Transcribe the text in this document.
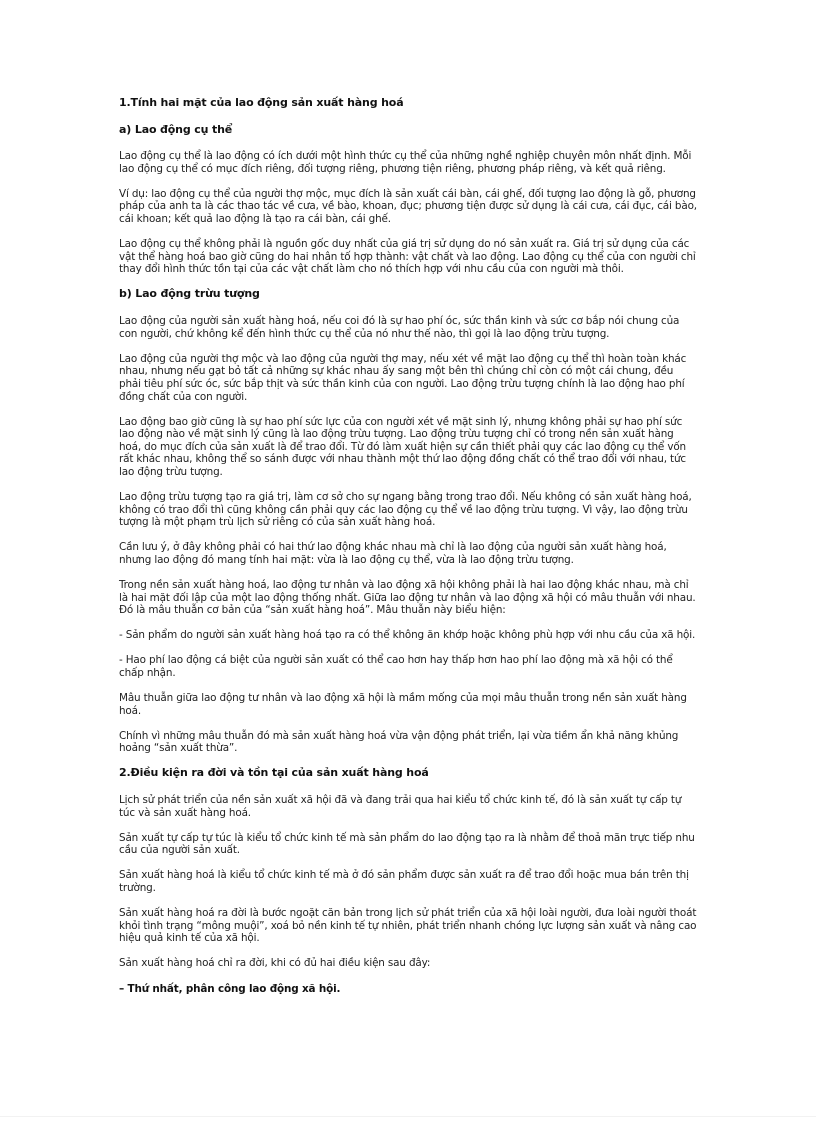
1.Tính hai mặt của lao động sản xuất hàng hoá
a) Lao động cụ thể
Lao động cụ thể là lao động có ích dưới một hình thức cụ thể của những nghề nghiệp chuyên môn nhất định. Mỗi lao động cụ thể có mục đích riêng, đối tượng riêng, phương tiện riêng, phương pháp riêng, và kết quả riêng.
Ví dụ: lao động cụ thể của người thợ mộc, mục đích là sản xuất cái bàn, cái ghế, đối tượng lao động là gỗ, phương pháp của anh ta là các thao tác về cưa, về bào, khoan, đục; phương tiện được sử dụng là cái cưa, cái đục, cái bào, cái khoan; kết quả lao động là tạo ra cái bàn, cái ghế.
Lao động cụ thể không phải là nguồn gốc duy nhất của giá trị sử dụng do nó sản xuất ra. Giá trị sử dụng của các vật thể hàng hoá bao giờ cũng do hai nhân tố hợp thành: vật chất và lao động. Lao động cụ thể của con người chỉ thay đổi hình thức tồn tại của các vật chất làm cho nó thích hợp với nhu cầu của con người mà thôi.
b) Lao động trừu tượng
Lao động của người sản xuất hàng hoá, nếu coi đó là sự hao phí óc, sức thần kinh và sức cơ bắp nói chung của con người, chứ không kể đến hình thức cụ thể của nó như thế nào, thì gọi là lao động trừu tượng.
Lao động của người thợ mộc và lao động của người thợ may, nếu xét về mặt lao động cụ thể thì hoàn toàn khác nhau, nhưng nếu gạt bỏ tất cả những sự khác nhau ấy sang một bên thì chúng chỉ còn có một cái chung, đều phải tiêu phí sức óc, sức bắp thịt và sức thần kinh của con người. Lao động trừu tượng chính là lao động hao phí đồng chất của con người.
Lao động bao giờ cũng là sự hao phí sức lực của con người xét về mặt sinh lý, nhưng không phải sự hao phí sức lao động nào về mặt sinh lý cũng là lao động trừu tượng. Lao động trừu tượng chỉ có trong nền sản xuất hàng hoá, do mục đích của sản xuất là để trao đổi. Từ đó làm xuất hiện sự cần thiết phải quy các lao động cụ thể vốn rất khác nhau, không thể so sánh được với nhau thành một thứ lao động đồng chất có thể trao đổi với nhau, tức lao động trừu tượng.
Lao động trừu tượng tạo ra giá trị, làm cơ sở cho sự ngang bằng trong trao đổi. Nếu không có sản xuất hàng hoá, không có trao đổi thì cũng không cần phải quy các lao động cụ thể về lao động trừu tượng. Vì vậy, lao động trừu tượng là một phạm trù lịch sử riêng có của sản xuất hàng hoá.
Cần lưu ý, ở đây không phải có hai thứ lao động khác nhau mà chỉ là lao động của người sản xuất hàng hoá, nhưng lao động đó mang tính hai mặt: vừa là lao động cụ thể, vừa là lao động trừu tượng.
Trong nền sản xuất hàng hoá, lao động tư nhân và lao động xã hội không phải là hai lao động khác nhau, mà chỉ là hai mặt đối lập của một lao động thống nhất. Giữa lao động tư nhân và lao động xã hội có mâu thuẫn với nhau. Đó là mâu thuẫn cơ bản của “sản xuất hàng hoá”. Mâu thuẫn này biểu hiện:
- Sản phẩm do người sản xuất hàng hoá tạo ra có thể không ăn khớp hoặc không phù hợp với nhu cầu của xã hội.
- Hao phí lao động cá biệt của người sản xuất có thể cao hơn hay thấp hơn hao phí lao động mà xã hội có thể chấp nhận.
Mâu thuẫn giữa lao động tư nhân và lao động xã hội là mầm mống của mọi mâu thuẫn trong nền sản xuất hàng hoá.
Chính vì những mâu thuẫn đó mà sản xuất hàng hoá vừa vận động phát triển, lại vừa tiềm ẩn khả năng khủng hoảng “sản xuất thừa”.
2.Điều kiện ra đời và tồn tại của sản xuất hàng hoá
Lịch sử phát triển của nền sản xuất xã hội đã và đang trải qua hai kiểu tổ chức kinh tế, đó là sản xuất tự cấp tự túc và sản xuất hàng hoá.
Sản xuất tự cấp tự túc là kiểu tổ chức kinh tế mà sản phẩm do lao động tạo ra là nhằm để thoả mãn trực tiếp nhu cầu của người sản xuất.
Sản xuất hàng hoá là kiểu tổ chức kinh tế mà ở đó sản phẩm được sản xuất ra để trao đổi hoặc mua bán trên thị trường.
Sản xuất hàng hoá ra đời là bước ngoặt căn bản trong lịch sử phát triển của xã hội loài người, đưa loài người thoát khỏi tình trạng “mông muội”, xoá bỏ nền kinh tế tự nhiên, phát triển nhanh chóng lực lượng sản xuất và nâng cao hiệu quả kinh tế của xã hội.
Sản xuất hàng hoá chỉ ra đời, khi có đủ hai điều kiện sau đây:
– Thứ nhất, phân công lao động xã hội.
